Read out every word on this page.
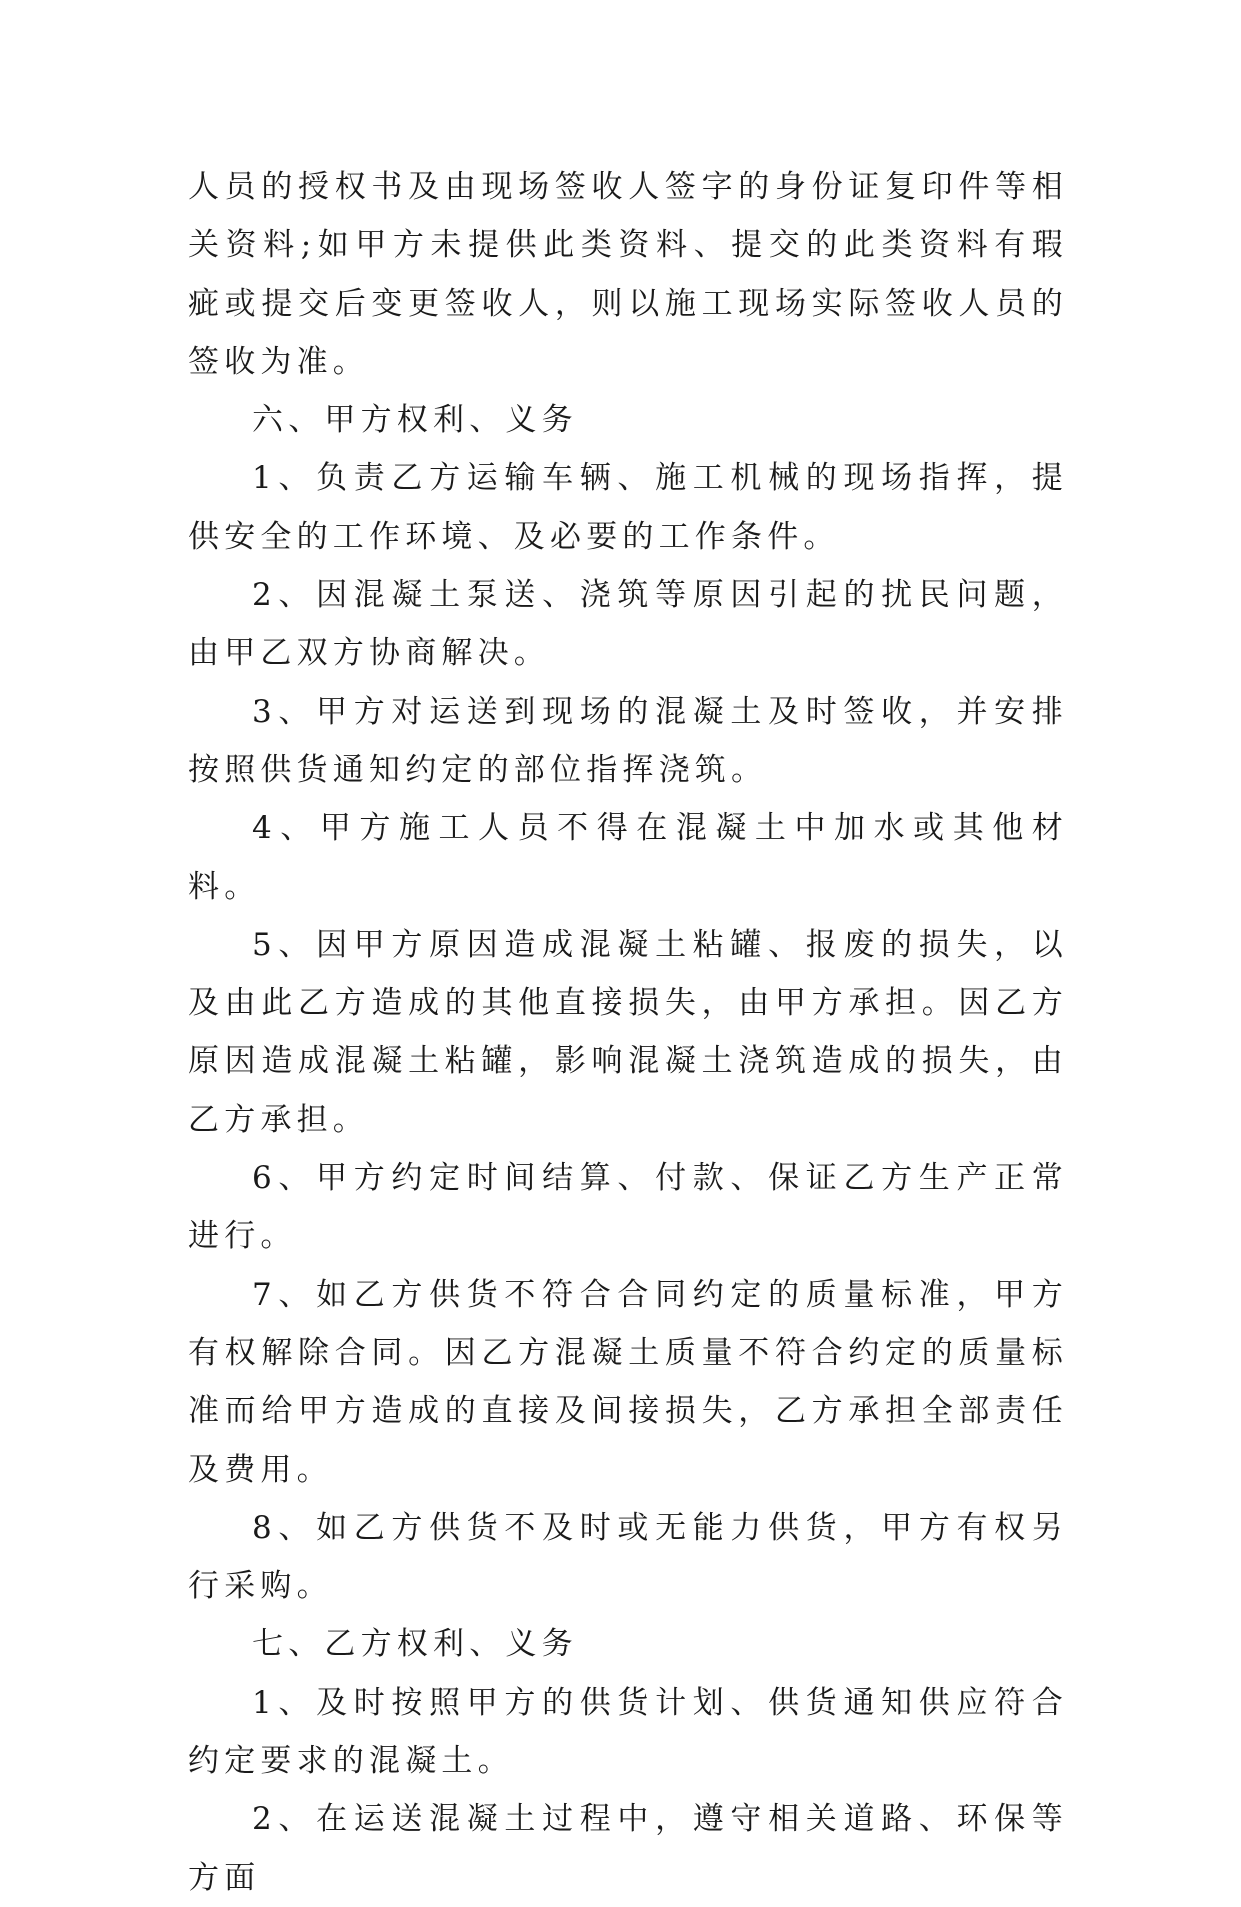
人员的授权书及由现场签收人签字的身份证复印件等相关资料;如甲方未提供此类资料、提交的此类资料有瑕疵或提交后变更签收人，则以施工现场实际签收人员的签收为准。

六、甲方权利、义务

1、负责乙方运输车辆、施工机械的现场指挥，提供安全的工作环境、及必要的工作条件。

2、因混凝土泵送、浇筑等原因引起的扰民问题，由甲乙双方协商解决。

3、甲方对运送到现场的混凝土及时签收，并安排按照供货通知约定的部位指挥浇筑。

4、甲方施工人员不得在混凝土中加水或其他材料。

5、因甲方原因造成混凝土粘罐、报废的损失，以及由此乙方造成的其他直接损失，由甲方承担。因乙方原因造成混凝土粘罐，影响混凝土浇筑造成的损失，由乙方承担。

6、甲方约定时间结算、付款、保证乙方生产正常进行。

7、如乙方供货不符合合同约定的质量标准，甲方有权解除合同。因乙方混凝土质量不符合约定的质量标准而给甲方造成的直接及间接损失，乙方承担全部责任及费用。

8、如乙方供货不及时或无能力供货，甲方有权另行采购。

七、乙方权利、义务

1、及时按照甲方的供货计划、供货通知供应符合约定要求的混凝土。

2、在运送混凝土过程中，遵守相关道路、环保等方面
